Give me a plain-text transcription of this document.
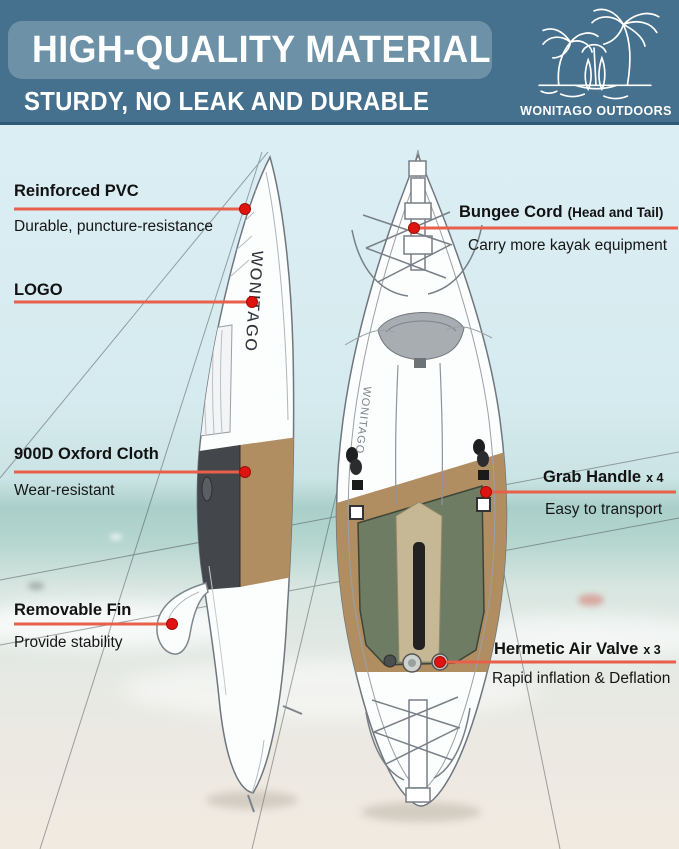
WONITAGO
HIGH-QUALITY MATERIAL
STURDY, NO LEAK AND DURABLE	WONITAGO OUTDOORS
Reinforced PVC
Durable, puncture-resistance
LOGO
900D Oxford Cloth
Wear-resistant
Removable Fin
Provide stability
Bungee Cord (Head and Tail)
Carry more kayak equipment
Grab Handle x 4
Easy to transport
Hermetic Air Valve x 3
Rapid inflation & Deflation
